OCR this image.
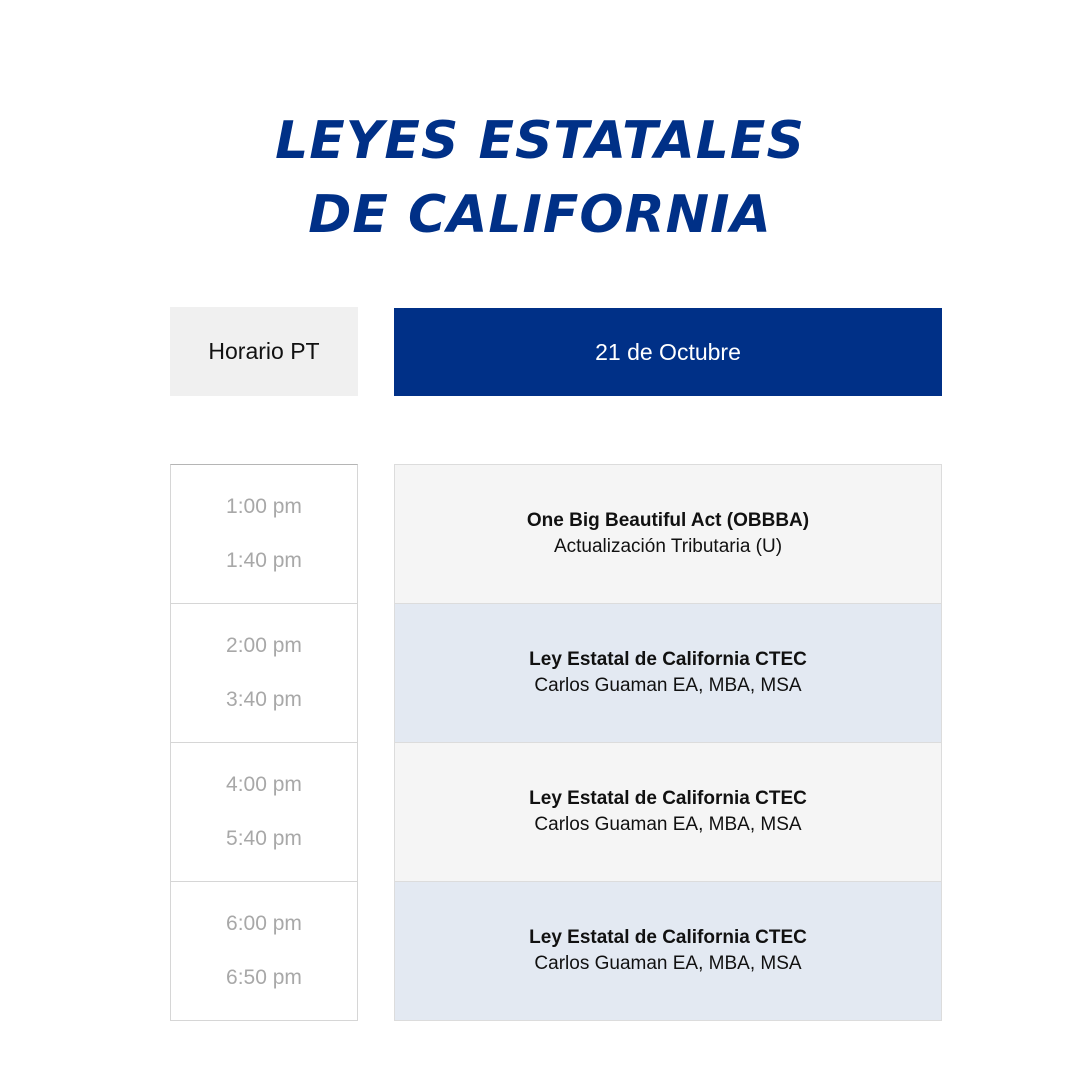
LEYES ESTATALES
DE CALIFORNIA
Horario PT	21 de Octubre
1:00 pm
1:40 pm
2:00 pm
3:40 pm
4:00 pm
5:40 pm
6:00 pm
6:50 pm
One Big Beautiful Act (OBBBA)
Actualización Tributaria (U)
Ley Estatal de California CTEC
Carlos Guaman EA, MBA, MSA
Ley Estatal de California CTEC
Carlos Guaman EA, MBA, MSA
Ley Estatal de California CTEC
Carlos Guaman EA, MBA, MSA
